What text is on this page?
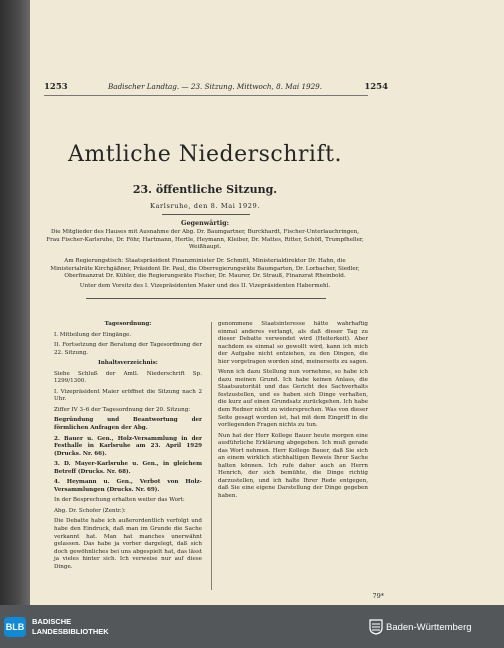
1253	Badischer Landtag. — 23. Sitzung. Mittwoch, 8. Mai 1929.	1254
Amtliche Niederschrift.
23. öffentliche Sitzung.
Karlsruhe, den 8. Mai 1929.
Gegenwärtig:
Die Mitglieder des Hauses mit Ausnahme der Abg. Dr. Baumgartner, Burckhardt, Fischer-Unterlauchringen, Frau Fischer-Karlsruhe, Dr. Föhr, Hartmann, Hertle, Heymann, Kleiber, Dr. Mattes, Ritter, Schöfl, Trumpfheller, Weißhaupt.
Am Regierungstisch: Staatspräsident Finanzminister Dr. Schmitt, Ministerialdirektor Dr. Hahn, die Ministerialräte Kirchgäßner, Präsident Dr. Paul, die Oberregierungsräte Baumgarten, Dr. Lorbacher, Siedler, Oberfinanzrat Dr. Kübler, die Regierungsräte Fischer, Dr. Maurer, Dr. Strauß, Finanzrat Rheinbold.
Unter dem Vorsitz des I. Vizepräsidenten Maier und des II. Vizepräsidenten Habermehl.

Tagesordnung:

I. Mitteilung der Eingänge.

II. Fortsetzung der Beratung der Tagesordnung der 22. Sitzung.

Inhaltsverzeichnis:

Siehe Schluß der Amtl. Niederschrift Sp. 1299/1300.

I. Vizepräsident Maier eröffnet die Sitzung nach 2 Uhr.

Ziffer IV 3–6 der Tagesordnung der 20. Sitzung:

Begründung und Beantwortung der förmlichen Anfragen der Abg.

2. Bauer u. Gen., Holz-Versammlung in der Festhalle in Karlsruhe am 23. April 1929 (Drucks. Nr. 66).

3. D. Mayer-Karlsruhe u. Gen., in gleichem Betreff (Drucks. Nr. 68).

4. Heymann u. Gen., Verbot von Holz-Versammlungen (Drucks. Nr. 69).

In der Besprechung erhalten weiter das Wort:

Abg. Dr. Schofer (Zentr.):

Die Debatte habe ich außerordentlich verfolgt und habe den Eindruck, daß man im Grunde die Sache verkannt hat. Man hat manches unerwähnt gelassen. Das habe ja vorher dargelegt, daß sich doch gewöhnliches bei uns abgespielt hat, das lässt ja vieles hinter sich. Ich verweise nur auf diese Dinge.

genommene Staatsinteresse hätte wahrhaftig einmal anderes verlangt, als daß dieser Tag zu dieser Debatte verwendet wird (Heiterkeit). Aber nachdem es einmal so gewollt wird, kann ich mich der Aufgabe nicht entziehen, zu den Dingen, die hier vorgetragen worden sind, meinerseits zu sagen.

Wenn ich dazu Stellung nun vornehme, so habe ich dazu meinen Grund. Ich habe keinen Anlass, die Staatsautorität und das Gericht des Sachverhalts festzustellen, und es haben sich Dinge verhalten, die kurz auf einen Grundsatz zurückgehen. Ich habe dem Redner nicht zu widersprechen. Was von dieser Seite gesagt worden ist, hat mit dem Eingriff in die vorliegenden Fragen nichts zu tun.

Nun hat der Herr Kollege Bauer heute morgen eine ausführliche Erklärung abgegeben. Ich muß gerade das Wort nehmen. Herr Kollege Bauer, daß Sie sich an einem wirklich stichhaltigen Beweis Ihrer Sache halten können. Ich rufe daher auch an Herrn Henrich, der sich bemühte, die Dinge richtig darzustellen, und ich halte Ihrer Rede entgegen, daß Sie eine eigene Darstellung der Dinge gegeben haben.

79*
BLB
BADISCHE
LANDESBIBLIOTHEK	Baden-Württemberg
